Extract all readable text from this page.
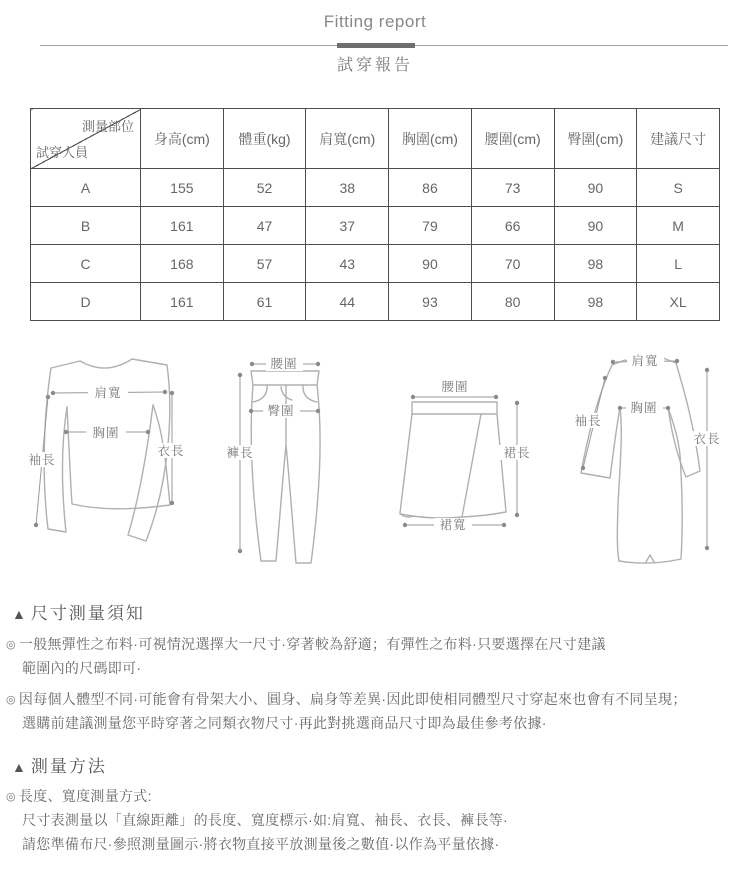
Fitting report
試穿報告
測量部位
試穿人員	身高(cm)	體重(kg)	肩寬(cm)	胸圍(cm)	腰圍(cm)	臀圍(cm)	建議尺寸
A	155	52	38	86	73	90	S
B	161	47	37	79	66	90	M
C	168	57	43	90	70	98	L
D	161	61	44	93	80	98	XL
肩寬
胸圍
袖長
衣長
腰圍
臀圍
褲長
腰圍
裙長
裙寬
肩寬
胸圍
袖長
衣長
▲ 尺寸測量須知
◎ 一般無彈性之布料·可視情況選擇大一尺寸·穿著較為舒適；有彈性之布料·只要選擇在尺寸建議
範圍內的尺碼即可·
◎ 因每個人體型不同·可能會有骨架大小、圓身、扁身等差異·因此即使相同體型尺寸穿起來也會有不同呈現；
選購前建議測量您平時穿著之同類衣物尺寸·再此對挑選商品尺寸即為最佳參考依據·
▲ 測量方法
◎ 長度、寬度測量方式:
尺寸表測量以「直線距離」的長度、寬度標示·如:肩寬、袖長、衣長、褲長等·
請您準備布尺·參照測量圖示·將衣物直接平放測量後之數值·以作為平量依據·
